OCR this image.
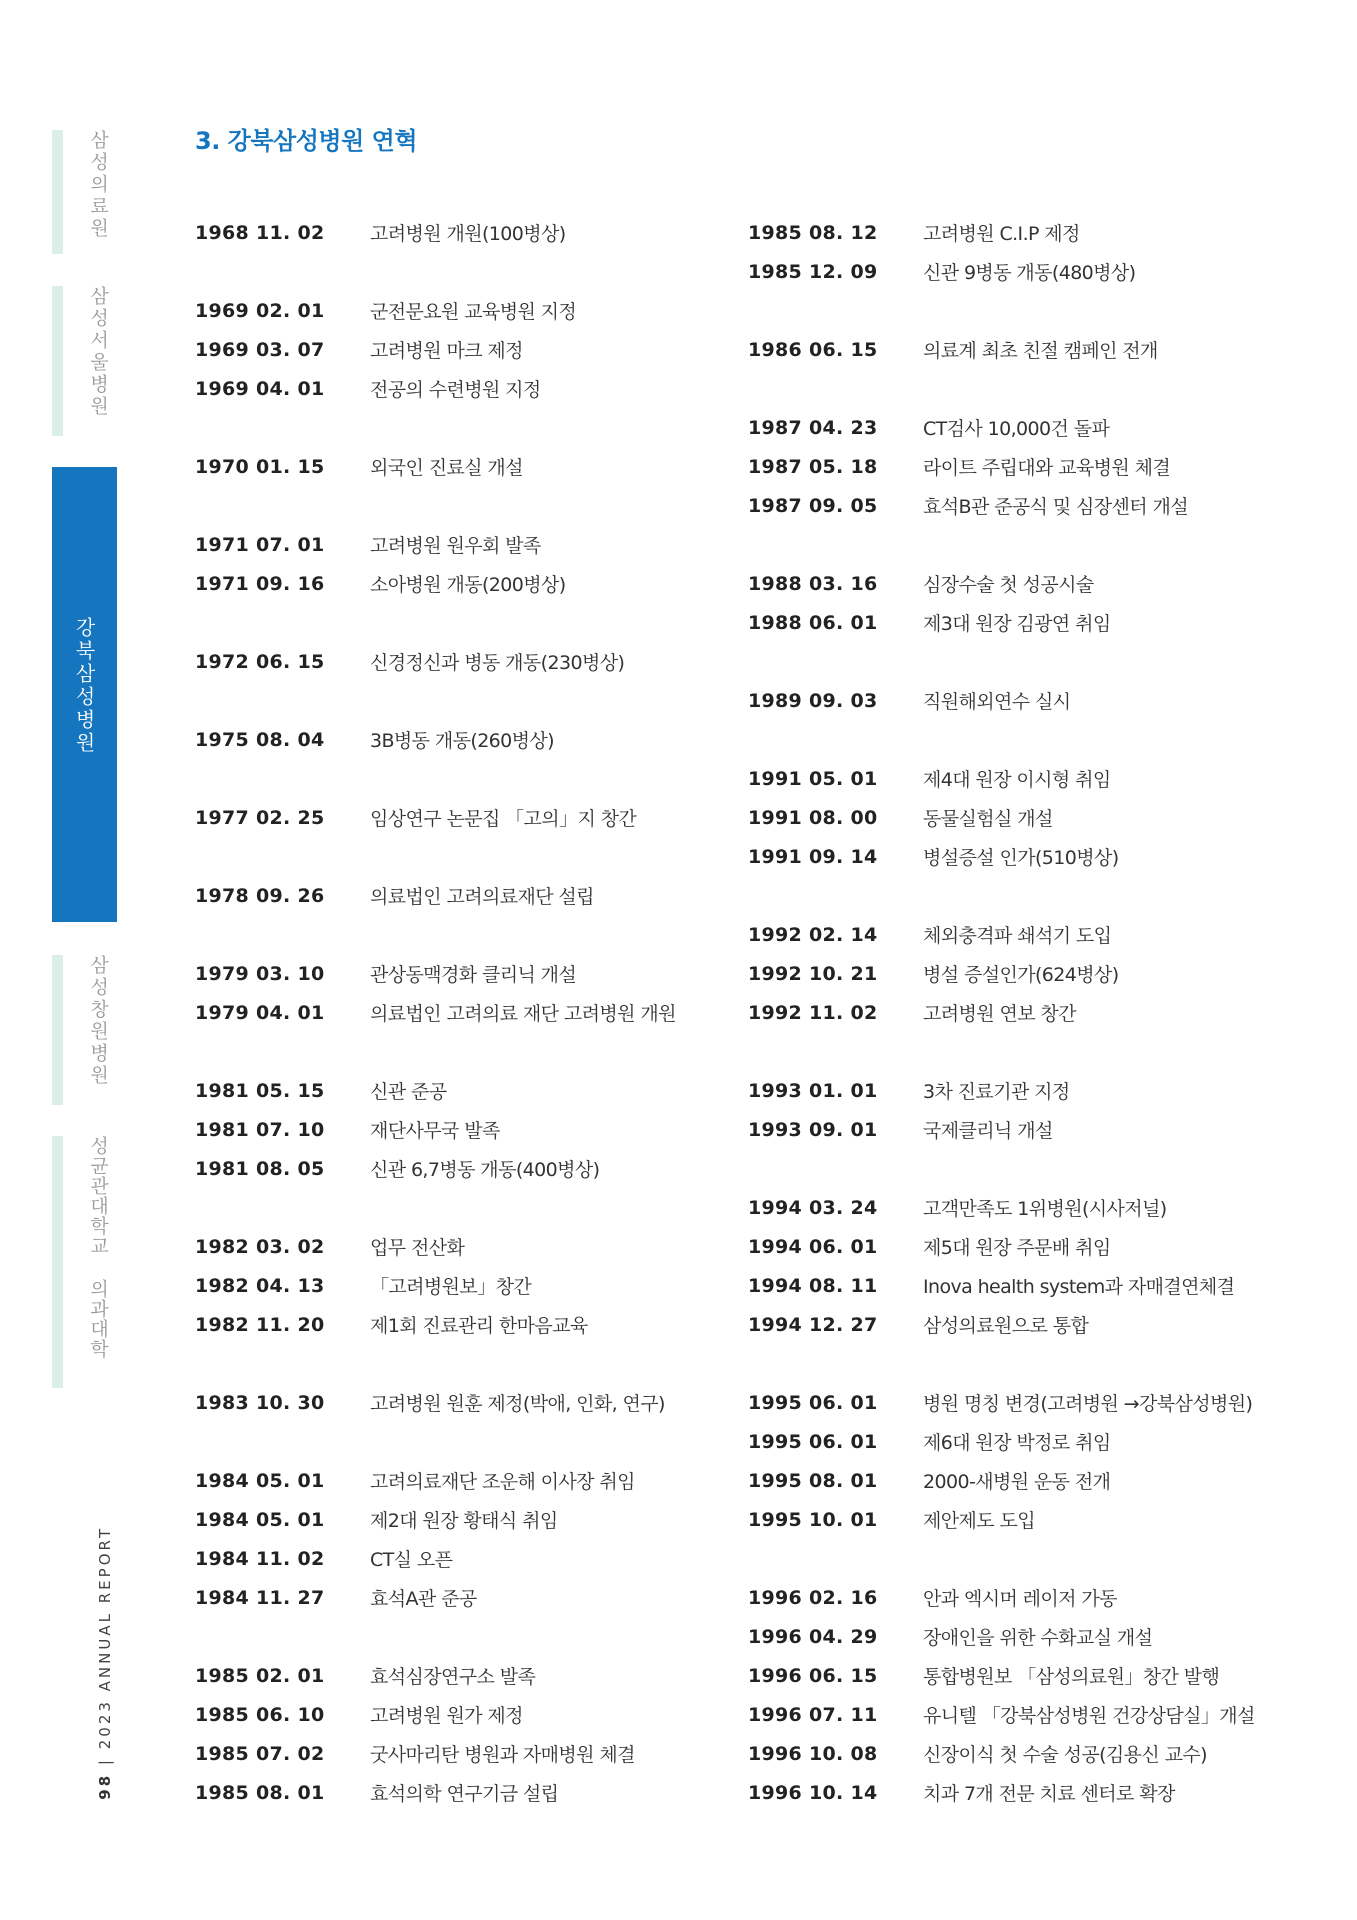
삼성의료원
삼성서울병원
강북삼성병원
삼성창원병원
성균관대학교 의과대학
98 | 2023 ANNUAL REPORT
3. 강북삼성병원 연혁
1968 11. 02	고려병원 개원(100병상)
1969 02. 01	군전문요원 교육병원 지정
1969 03. 07	고려병원 마크 제정
1969 04. 01	전공의 수련병원 지정
1970 01. 15	외국인 진료실 개설
1971 07. 01	고려병원 원우회 발족
1971 09. 16	소아병원 개동(200병상)
1972 06. 15	신경정신과 병동 개동(230병상)
1975 08. 04	3B병동 개동(260병상)
1977 02. 25	임상연구 논문집 「고의」지 창간
1978 09. 26	의료법인 고려의료재단 설립
1979 03. 10	관상동맥경화 클리닉 개설
1979 04. 01	의료법인 고려의료 재단 고려병원 개원
1981 05. 15	신관 준공
1981 07. 10	재단사무국 발족
1981 08. 05	신관 6,7병동 개동(400병상)
1982 03. 02	업무 전산화
1982 04. 13	「고려병원보」창간
1982 11. 20	제1회 진료관리 한마음교육
1983 10. 30	고려병원 원훈 제정(박애, 인화, 연구)
1984 05. 01	고려의료재단 조운해 이사장 취임
1984 05. 01	제2대 원장 황태식 취임
1984 11. 02	CT실 오픈
1984 11. 27	효석A관 준공
1985 02. 01	효석심장연구소 발족
1985 06. 10	고려병원 원가 제정
1985 07. 02	굿사마리탄 병원과 자매병원 체결
1985 08. 01	효석의학 연구기금 설립
1985 08. 12	고려병원 C.I.P 제정
1985 12. 09	신관 9병동 개동(480병상)
1986 06. 15	의료계 최초 친절 캠페인 전개
1987 04. 23	CT검사 10,000건 돌파
1987 05. 18	라이트 주립대와 교육병원 체결
1987 09. 05	효석B관 준공식 및 심장센터 개설
1988 03. 16	심장수술 첫 성공시술
1988 06. 01	제3대 원장 김광연 취임
1989 09. 03	직원해외연수 실시
1991 05. 01	제4대 원장 이시형 취임
1991 08. 00	동물실험실 개설
1991 09. 14	병설증설 인가(510병상)
1992 02. 14	체외충격파 쇄석기 도입
1992 10. 21	병설 증설인가(624병상)
1992 11. 02	고려병원 연보 창간
1993 01. 01	3차 진료기관 지정
1993 09. 01	국제클리닉 개설
1994 03. 24	고객만족도 1위병원(시사저널)
1994 06. 01	제5대 원장 주문배 취임
1994 08. 11	Inova health system과 자매결연체결
1994 12. 27	삼성의료원으로 통합
1995 06. 01	병원 명칭 변경(고려병원 →강북삼성병원)
1995 06. 01	제6대 원장 박정로 취임
1995 08. 01	2000-새병원 운동 전개
1995 10. 01	제안제도 도입
1996 02. 16	안과 엑시머 레이저 가동
1996 04. 29	장애인을 위한 수화교실 개설
1996 06. 15	통합병원보 「삼성의료원」창간 발행
1996 07. 11	유니텔 「강북삼성병원 건강상담실」개설
1996 10. 08	신장이식 첫 수술 성공(김용신 교수)
1996 10. 14	치과 7개 전문 치료 센터로 확장
